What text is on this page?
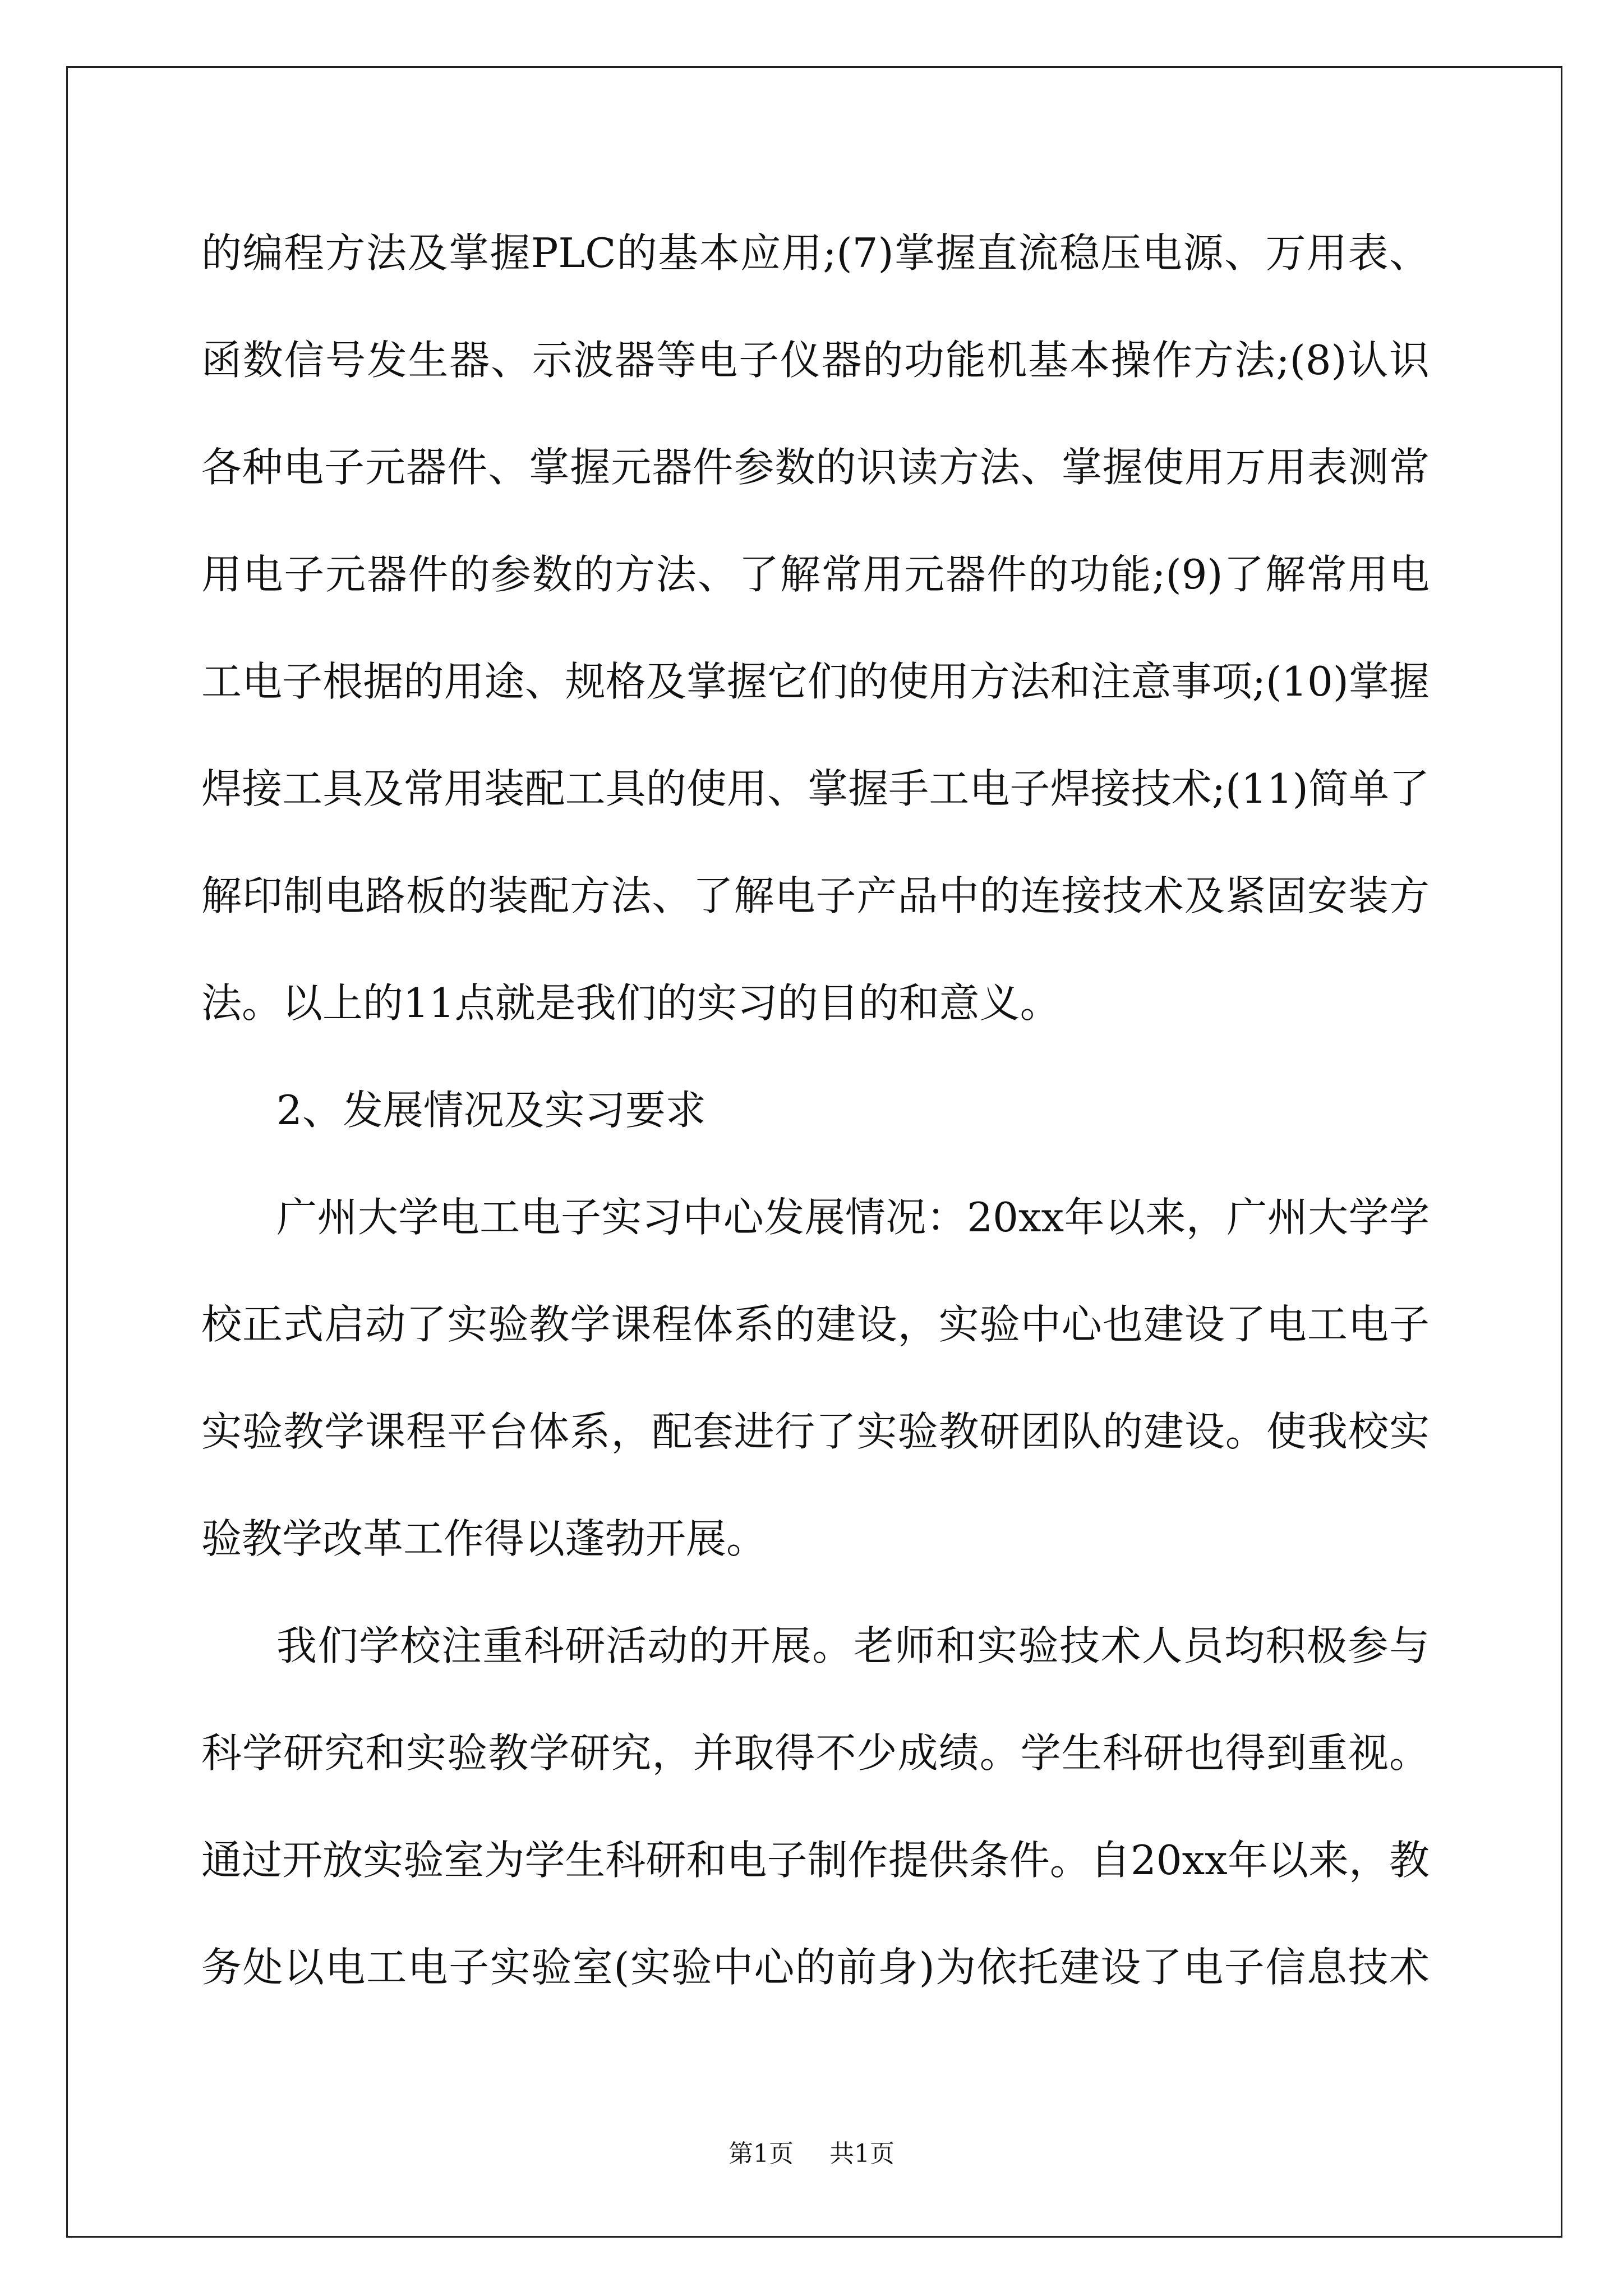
的编程方法及掌握PLC的基本应用;(7)掌握直流稳压电源、万用表、
函数信号发生器、示波器等电子仪器的功能机基本操作方法;(8)认识
各种电子元器件、掌握元器件参数的识读方法、掌握使用万用表测常
用电子元器件的参数的方法、了解常用元器件的功能;(9)了解常用电
工电子根据的用途、规格及掌握它们的使用方法和注意事项;(10)掌握
焊接工具及常用装配工具的使用、掌握手工电子焊接技术;(11)简单了
解印制电路板的装配方法、了解电子产品中的连接技术及紧固安装方
法。以上的11点就是我们的实习的目的和意义。
2、发展情况及实习要求
广州大学电工电子实习中心发展情况：20xx年以来，广州大学学
校正式启动了实验教学课程体系的建设，实验中心也建设了电工电子
实验教学课程平台体系，配套进行了实验教研团队的建设。使我校实
验教学改革工作得以蓬勃开展。
我们学校注重科研活动的开展。老师和实验技术人员均积极参与
科学研究和实验教学研究，并取得不少成绩。学生科研也得到重视。
通过开放实验室为学生科研和电子制作提供条件。自20xx年以来，教
务处以电工电子实验室(实验中心的前身)为依托建设了电子信息技术
第1页 共1页
